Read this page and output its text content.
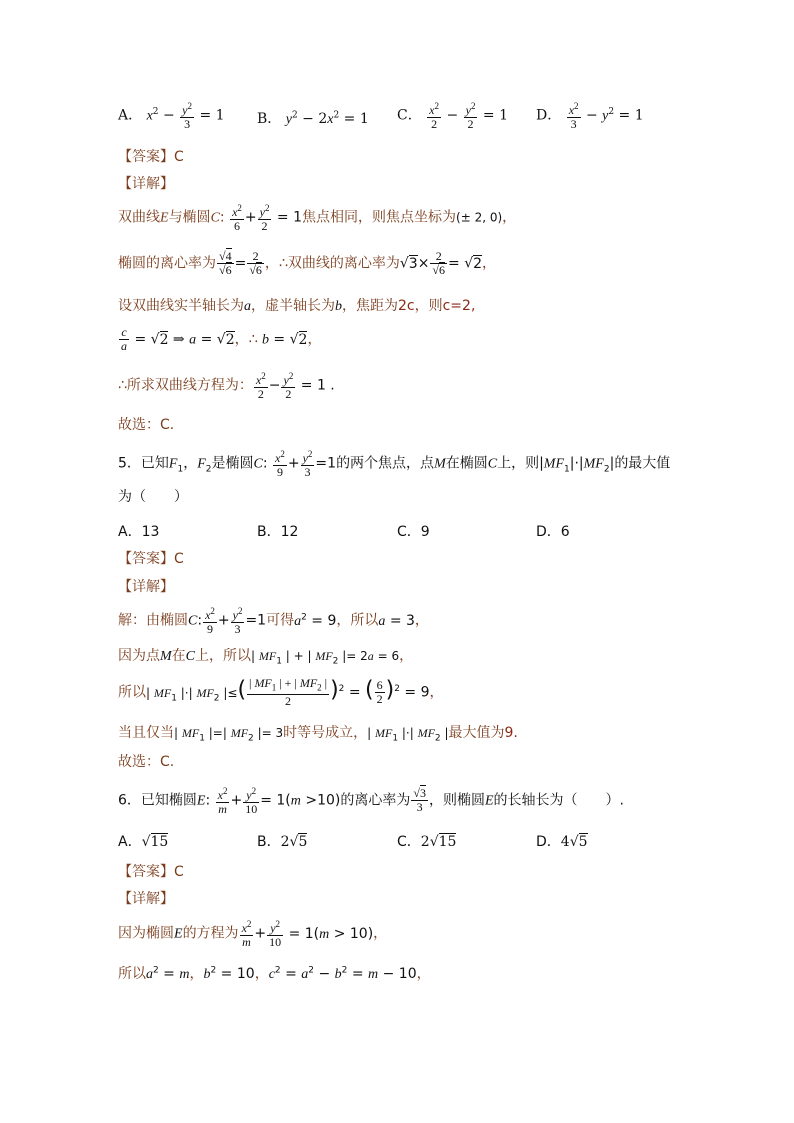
A． $x^2 - \frac{y^2}{3} = 1$ B． $y^2 - 2x^2 = 1$ C． $\frac{x^2}{2} - \frac{y^2}{2} = 1$ D． $\frac{x^2}{3} - y^2 = 1$
【答案】C
【详解】
双曲线E与椭圆C: $\frac{x^2}{6} + \frac{y^2}{2} = 1$焦点相同，则焦点坐标为(± 2, 0)，
椭圆的离心率为 $\frac{√4}{√6} = \frac{2}{√6}$ ，∴双曲线的离心率为$√3\times \frac{2}{√6} = √2$，
设双曲线实半轴长为a，虚半轴长为b，焦距为2c，则c=2,
$\frac{c}{a} = √2$ ⇒ a = √2，∴ b = √2，
∴所求双曲线方程为： $\frac{x^2}{2} - \frac{y^2}{2} = 1$ .
故选：C.
5．已知$F_1$，$F_2$是椭圆C: $\frac{x^2}{9} + \frac{y^2}{3} =1$的两个焦点，点M在椭圆C上，则$|MF_1|\cdot|MF_2|$的最大值
为（　　）
A．13	B．12	C．9	D．6
【答案】C
【详解】
解：由椭圆C: $\frac{x^2}{9} + \frac{y^2}{3} =1$可得$a^2 = 9$，所以a = 3，
因为点M在C上，所以| $MF_1$ | + | $MF_2$ |= 2a = 6，
所以| $MF_1$ |·| $MF_2$ |≤( $\frac{| MF_1 | + | MF_2 |}{2} )^2$ = ( $\frac{6}{2} )^2 = 9$，
当且仅当| $MF_1$ |=| $MF_2$ |= 3时等号成立，| $MF_1$ |·| $MF_2$ |最大值为9.
故选：C.
6．已知椭圆E: $\frac{x^2}{m} + \frac{y^2}{10} = 1(m >10)$的离心率为 $\frac{√3}{3}$ ，则椭圆E的长轴长为（　　）.
A．√15	B．2√5	C．2√15	D．4√5
【答案】C
【详解】
因为椭圆E的方程为 $\frac{x^2}{m} + \frac{y^2}{10} = 1(m > 10)$，
所以$a^2 = m$，$b^2 = 10$，$c^2 = a^2 - b^2 = m - 10$，
